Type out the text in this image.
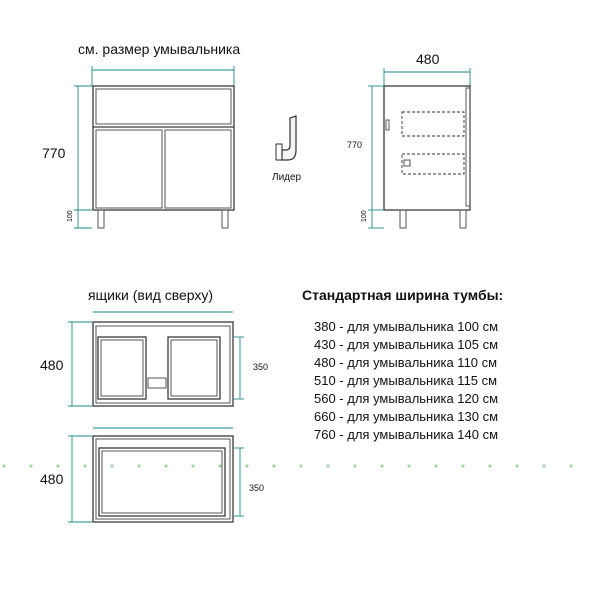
см. размер умывальника
770
100
Лидер
480
770
100
ящики (вид сверху)
480	350
480
350
Стандартная ширина тумбы:
380 - для умывальника 100 см
430 - для умывальника 105 см
480 - для умывальника 110 см
510 - для умывальника 115 см
560 - для умывальника 120 см
660 - для умывальника 130 см
760 - для умывальника 140 см
